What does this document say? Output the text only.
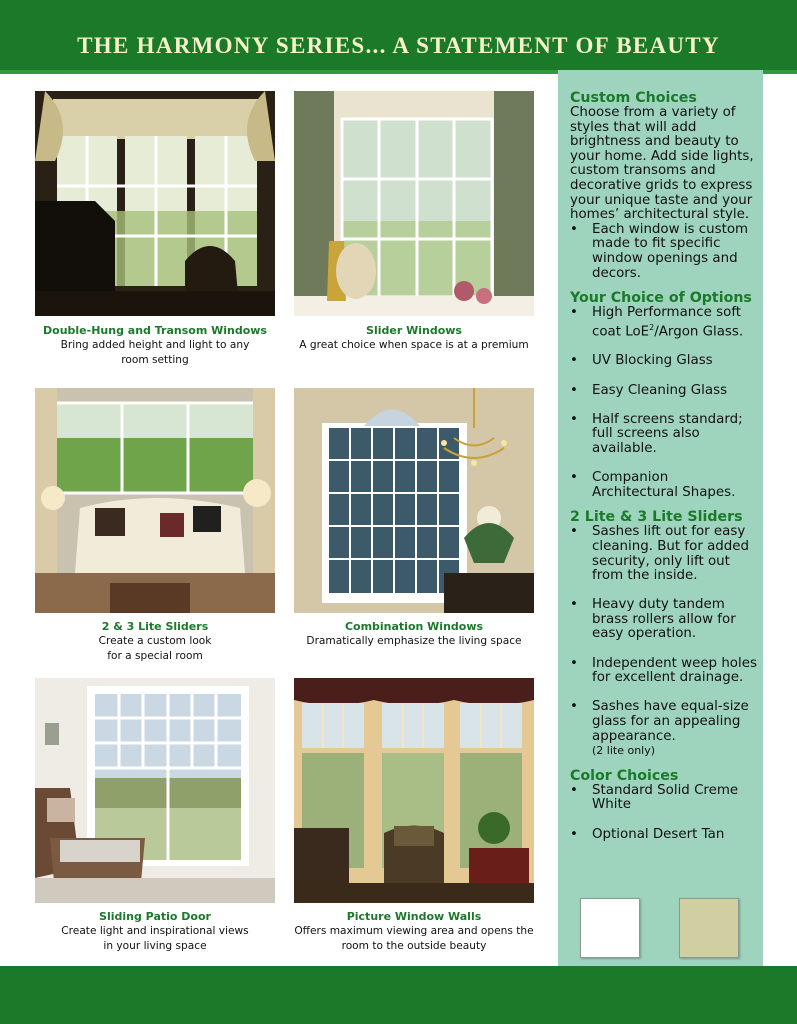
THE HARMONY SERIES... A STATEMENT OF BEAUTY

Custom Choices

Choose from a variety of styles that will add brightness and beauty to your home. Add side lights, custom transoms and decorative grids to express your unique taste and your homes’ architectural style.

• Each window is custom made to fit specific window openings and decors.

Your Choice of Options

• High Performance soft coat LoE$^2$/Argon Glass.
• UV Blocking Glass
• Easy Cleaning Glass
• Half screens standard; full screens also available.
• Companion Architectural Shapes.

2 Lite & 3 Lite Sliders

• Sashes lift out for easy cleaning. But for added security, only lift out from the inside.
• Heavy duty tandem brass rollers allow for easy operation.
• Independent weep holes for excellent drainage.
• Sashes have equal-size glass for an appealing appearance.
(2 lite only)

Color Choices

• Standard Solid Creme White
• Optional Desert Tan
Double-Hung and Transom Windows
Bring added height and light to any
room setting
Slider Windows
A great choice when space is at a premium
2 & 3 Lite Sliders
Create a custom look
for a special room
Combination Windows
Dramatically emphasize the living space
Sliding Patio Door
Create light and inspirational views
in your living space
Picture Window Walls
Offers maximum viewing area and opens the
room to the outside beauty
